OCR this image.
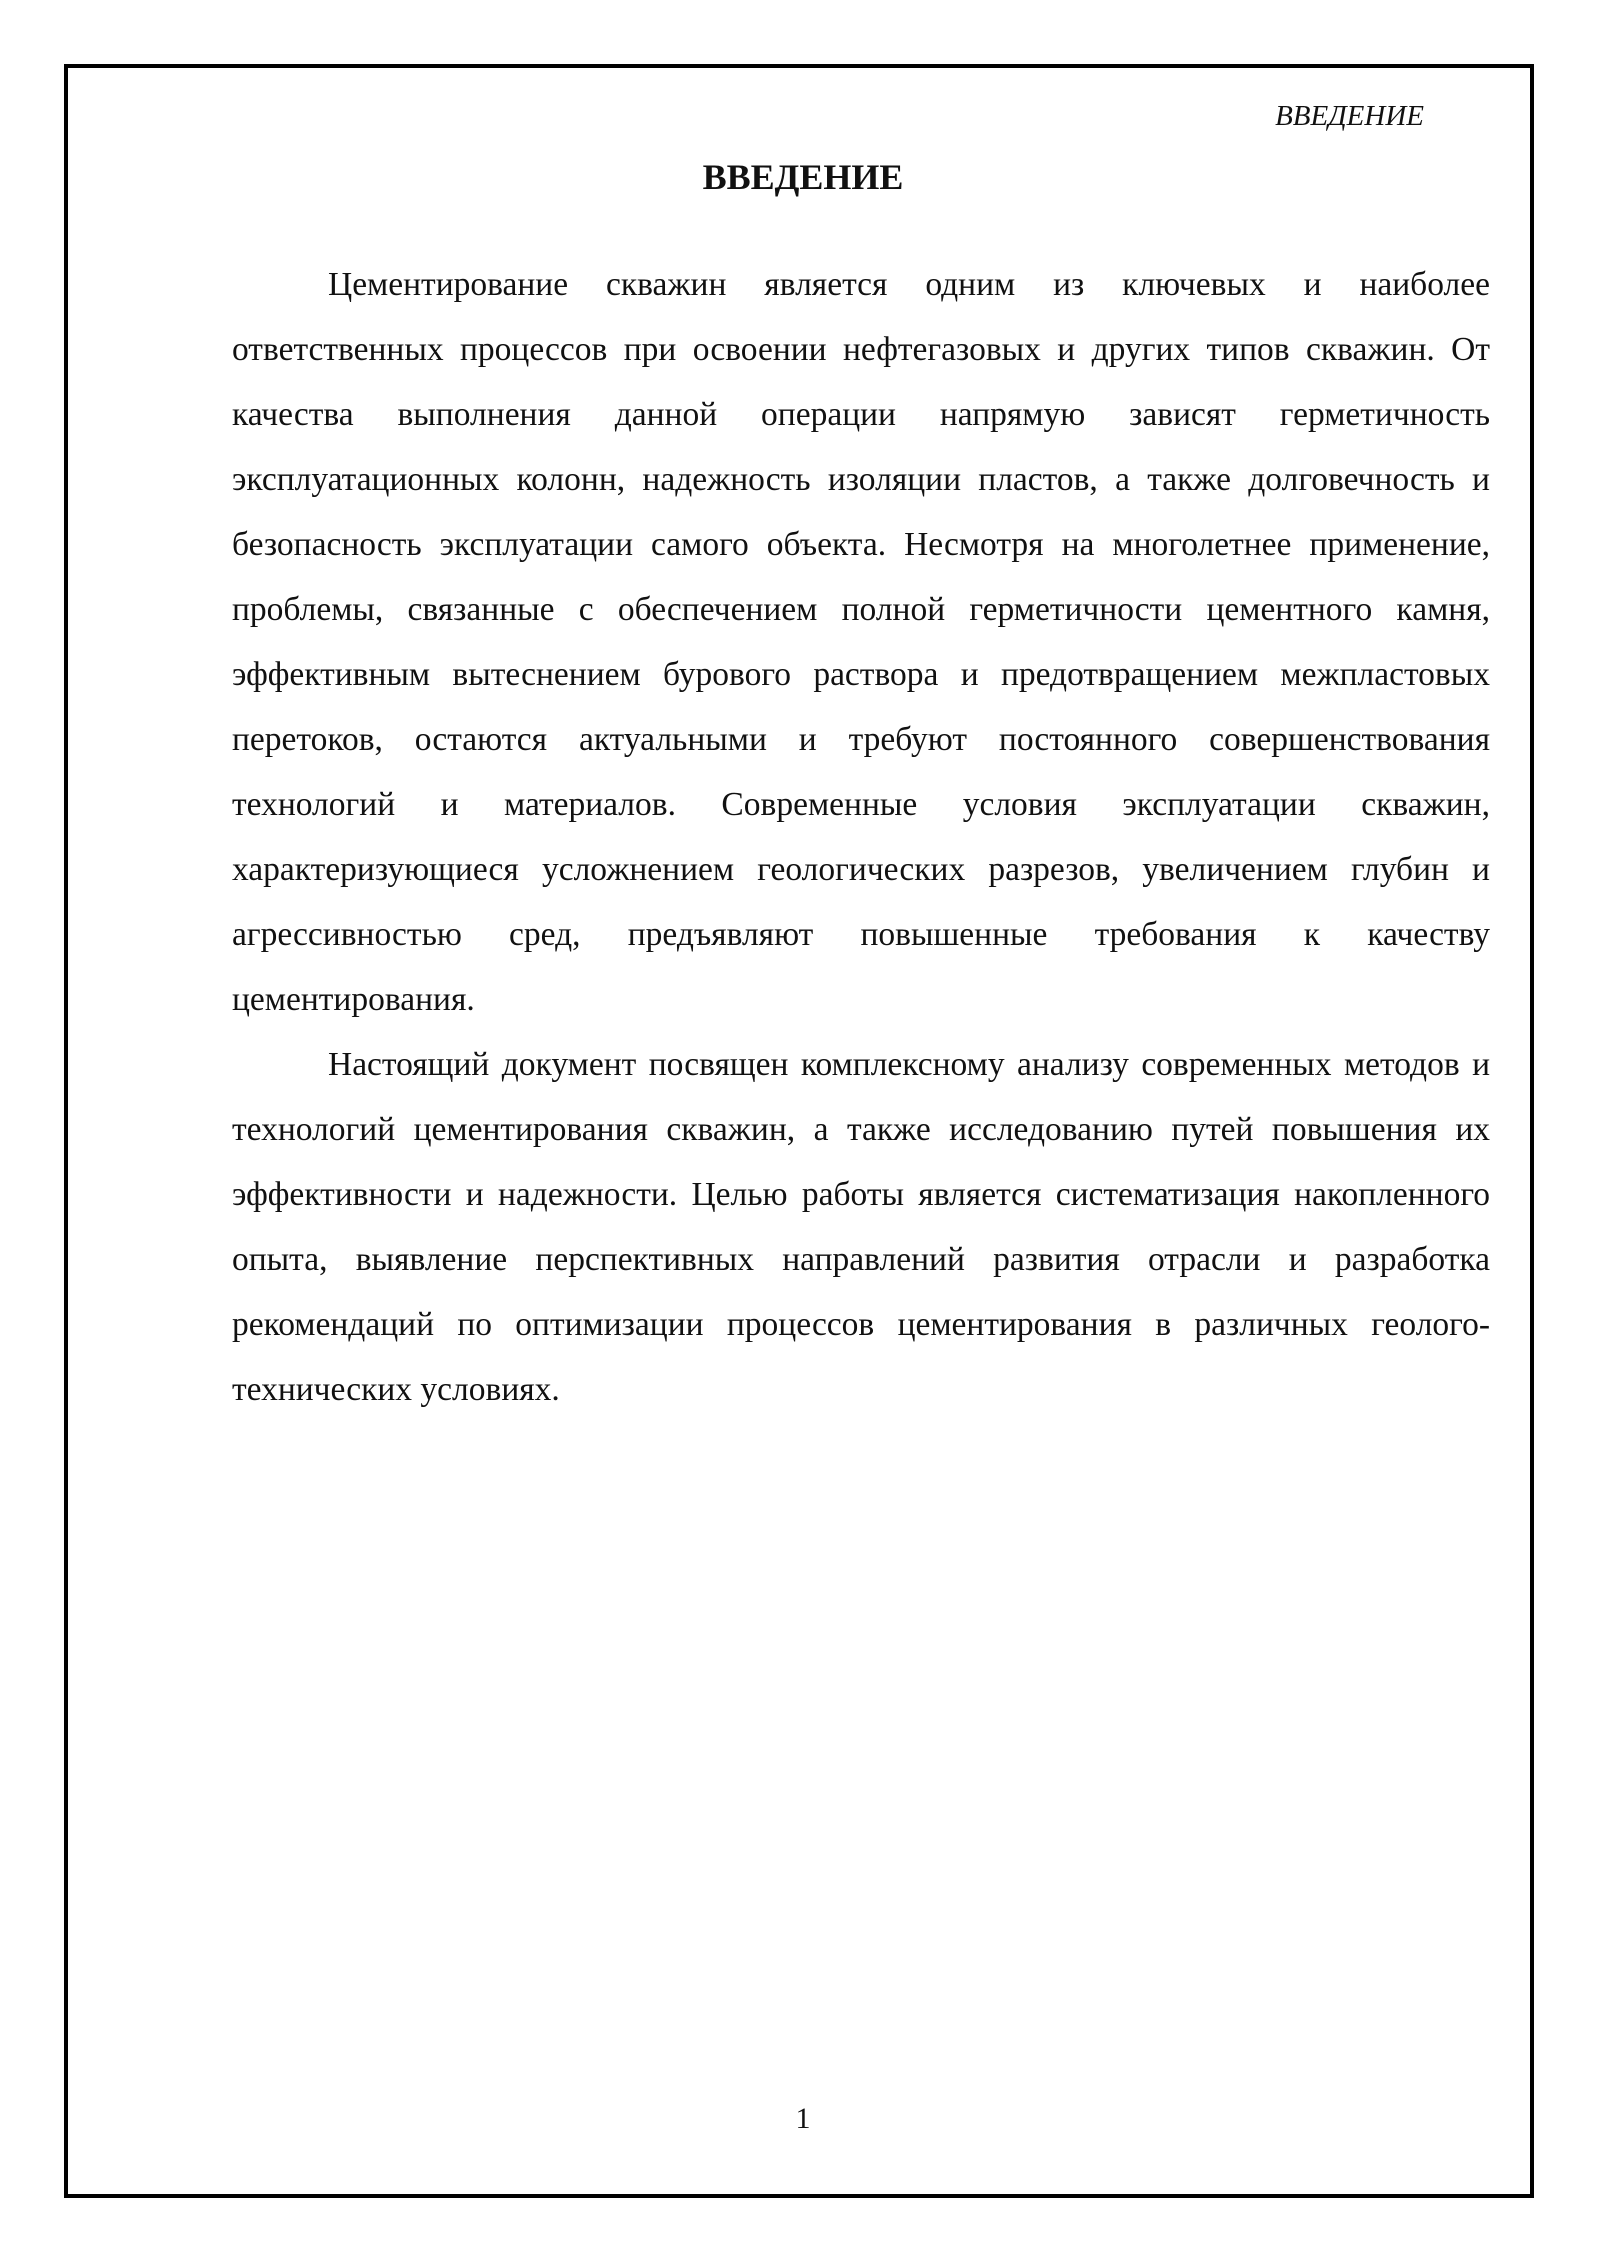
ВВЕДЕНИЕ
ВВЕДЕНИЕ

Цементирование скважин является одним из ключевых и наиболее ответственных процессов при освоении нефтегазовых и других типов скважин. От качества выполнения данной операции напрямую зависят герметичность эксплуатационных колонн, надежность изоляции пластов, а также долговечность и безопасность эксплуатации самого объекта. Несмотря на многолетнее применение, проблемы, связанные с обеспечением полной герметичности цементного камня, эффективным вытеснением бурового раствора и предотвращением межпластовых перетоков, остаются актуальными и требуют постоянного совершенствования технологий и материалов. Современные условия эксплуатации скважин, характеризующиеся усложнением геологических разрезов, увеличением глубин и агрессивностью сред, предъявляют повышенные требования к качеству цементирования.

Настоящий документ посвящен комплексному анализу современных методов и технологий цементирования скважин, а также исследованию путей повышения их эффективности и надежности. Целью работы является систематизация накопленного опыта, выявление перспективных направлений развития отрасли и разработка рекомендаций по оптимизации процессов цементирования в различных геолого-технических условиях.

1
